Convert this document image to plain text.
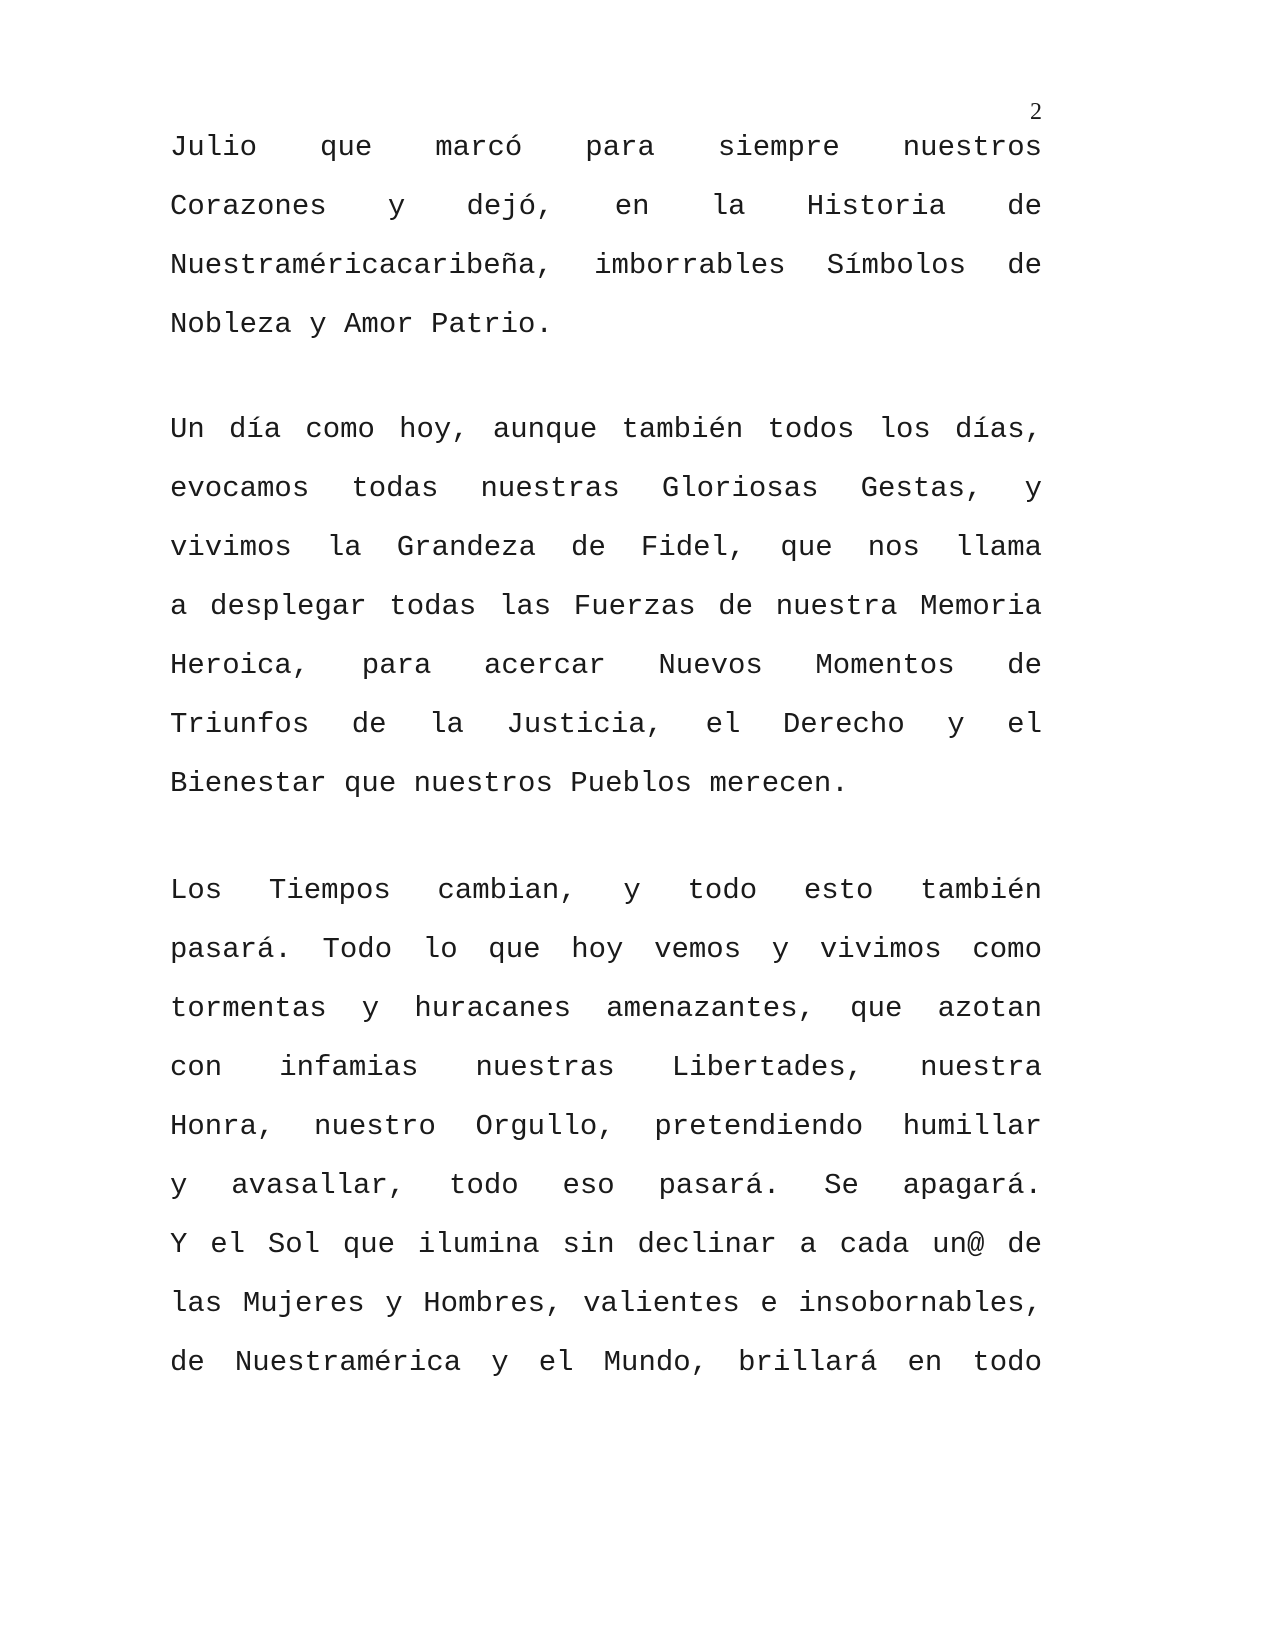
2
Julio que marcó para siempre nuestros
Corazones y dejó, en la Historia de
Nuestraméricacaribeña, imborrables Símbolos de
Nobleza y Amor Patrio.
Un día como hoy, aunque también todos los días,
evocamos todas nuestras Gloriosas Gestas, y
vivimos la Grandeza de Fidel, que nos llama
a desplegar todas las Fuerzas de nuestra Memoria
Heroica, para acercar Nuevos Momentos de
Triunfos de la Justicia, el Derecho y el
Bienestar que nuestros Pueblos merecen.
Los Tiempos cambian, y todo esto también
pasará. Todo lo que hoy vemos y vivimos como
tormentas y huracanes amenazantes, que azotan
con infamias nuestras Libertades, nuestra
Honra, nuestro Orgullo, pretendiendo humillar
y avasallar, todo eso pasará. Se apagará.
Y el Sol que ilumina sin declinar a cada un@ de
las Mujeres y Hombres, valientes e insobornables,
de Nuestramérica y el Mundo, brillará en todo
